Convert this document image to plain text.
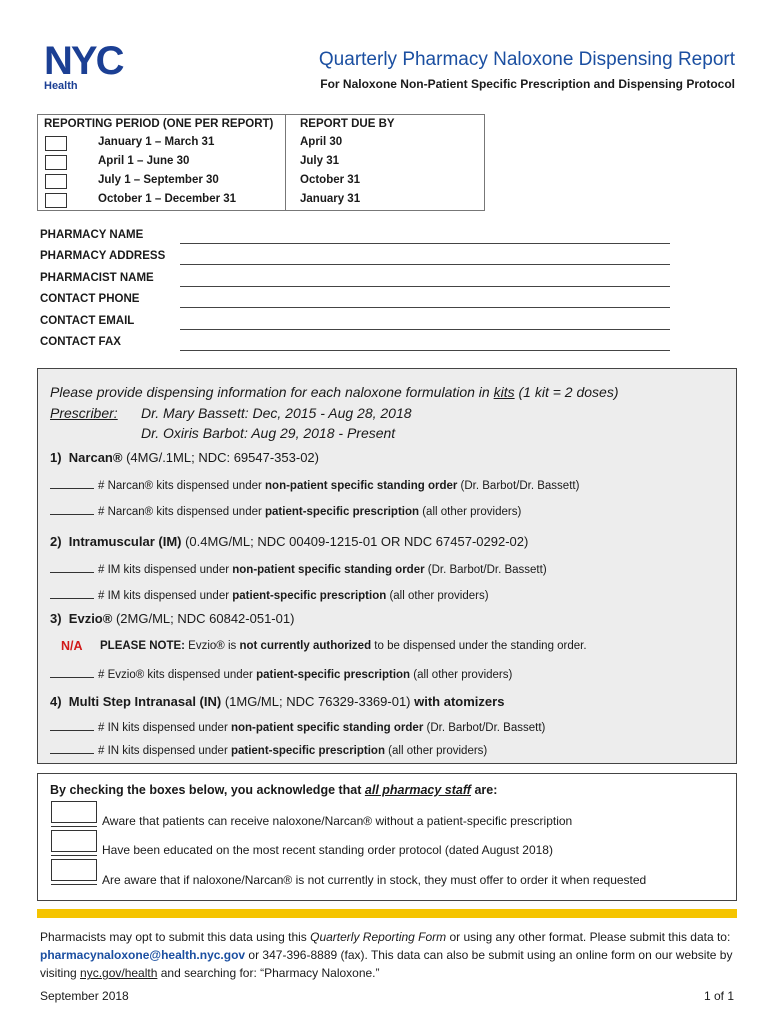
NYC
Health
Quarterly Pharmacy Naloxone Dispensing Report
For Naloxone Non-Patient Specific Prescription and Dispensing Protocol
REPORTING PERIOD (ONE PER REPORT) REPORT DUE BY
January 1 – March 31	April 30
April 1 – June 30	July 31
July 1 – September 30	October 31
October 1 – December 31	January 31
PHARMACY NAME
PHARMACY ADDRESS
PHARMACIST NAME
CONTACT PHONE
CONTACT EMAIL
CONTACT FAX
Please provide dispensing information for each naloxone formulation in kits (1 kit = 2 doses)
Prescriber: Dr. Mary Bassett: Dec, 2015 - Aug 28, 2018
Dr. Oxiris Barbot: Aug 29, 2018 - Present
1) Narcan® (4MG/.1ML; NDC: 69547-353-02)
# Narcan® kits dispensed under non-patient specific standing order (Dr. Barbot/Dr. Bassett)
# Narcan® kits dispensed under patient-specific prescription (all other providers)
2) Intramuscular (IM) (0.4MG/ML; NDC 00409-1215-01 OR NDC 67457-0292-02)
# IM kits dispensed under non-patient specific standing order (Dr. Barbot/Dr. Bassett)
# IM kits dispensed under patient-specific prescription (all other providers)
3) Evzio® (2MG/ML; NDC 60842-051-01)
N/A PLEASE NOTE: Evzio® is not currently authorized to be dispensed under the standing order.
# Evzio® kits dispensed under patient-specific prescription (all other providers)
4) Multi Step Intranasal (IN) (1MG/ML; NDC 76329-3369-01) with atomizers
# IN kits dispensed under non-patient specific standing order (Dr. Barbot/Dr. Bassett)
# IN kits dispensed under patient-specific prescription (all other providers)
By checking the boxes below, you acknowledge that all pharmacy staff are:
Aware that patients can receive naloxone/Narcan® without a patient-specific prescription
Have been educated on the most recent standing order protocol (dated August 2018)
Are aware that if naloxone/Narcan® is not currently in stock, they must offer to order it when requested
Pharmacists may opt to submit this data using this Quarterly Reporting Form or using any other format. Please submit this data to: pharmacynaloxone@health.nyc.gov or 347-396-8889 (fax). This data can also be submit using an online form on our website by visiting nyc.gov/health and searching for: “Pharmacy Naloxone.”
September 2018	1 of 1
